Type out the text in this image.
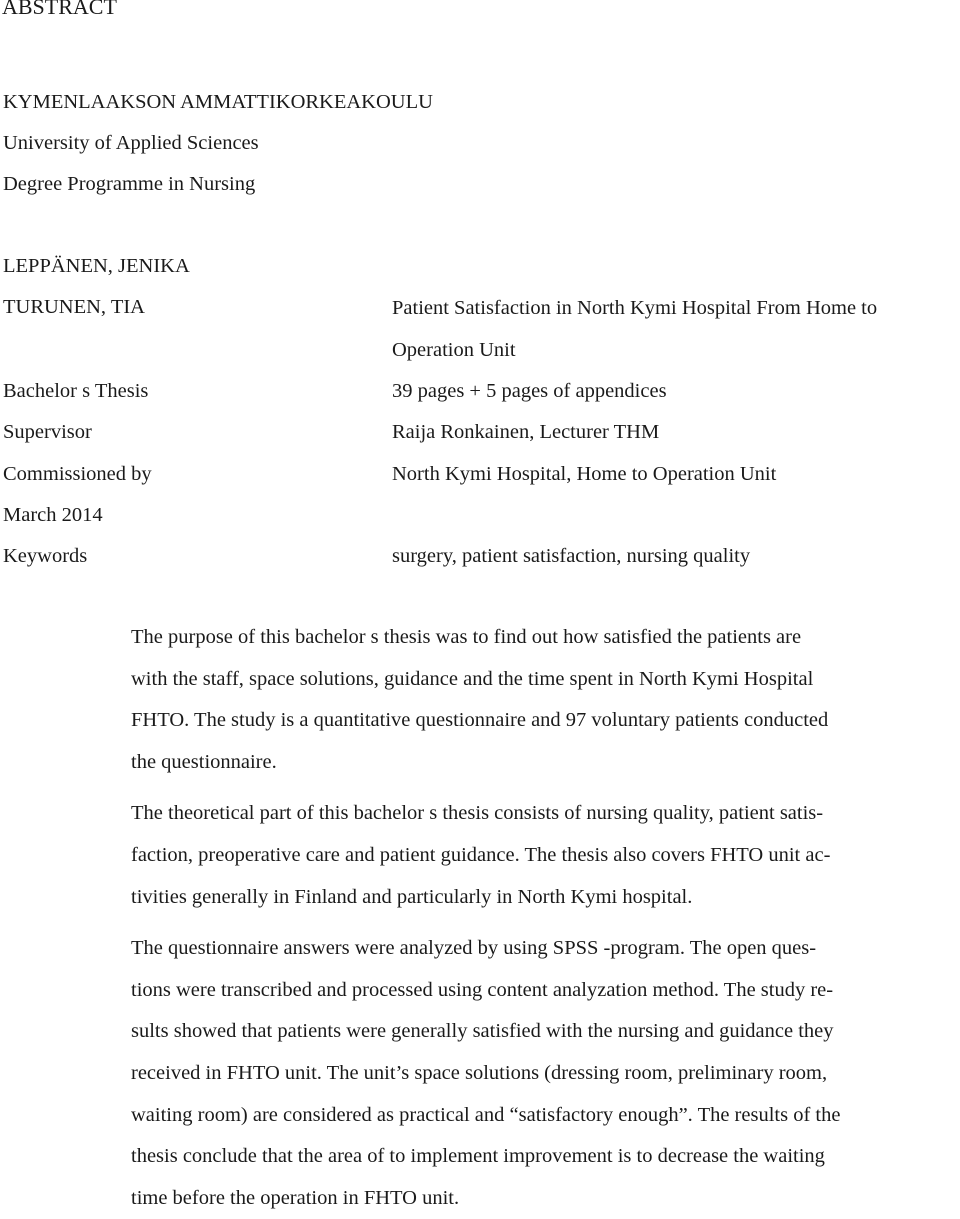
ABSTRACT
KYMENLAAKSON AMMATTIKORKEAKOULU
University of Applied Sciences
Degree Programme in Nursing
LEPPÄNEN, JENIKA
TURUNEN, TIA	Patient Satisfaction in North Kymi Hospital From Home to
Operation Unit
Bachelor s Thesis	39 pages + 5 pages of appendices
Supervisor	Raija Ronkainen, Lecturer THM
Commissioned by	North Kymi Hospital, Home to Operation Unit
March 2014
Keywords	surgery, patient satisfaction, nursing quality

The purpose of this bachelor s thesis was to find out how satisfied the patients are
with the staff, space solutions, guidance and the time spent in North Kymi Hospital
FHTO. The study is a quantitative questionnaire and 97 voluntary patients conducted
the questionnaire.

The theoretical part of this bachelor s thesis consists of nursing quality, patient satis-
faction, preoperative care and patient guidance. The thesis also covers FHTO unit ac-
tivities generally in Finland and particularly in North Kymi hospital.

The questionnaire answers were analyzed by using SPSS -program. The open ques-
tions were transcribed and processed using content analyzation method. The study re-
sults showed that patients were generally satisfied with the nursing and guidance they
received in FHTO unit. The unit’s space solutions (dressing room, preliminary room,
waiting room) are considered as practical and “satisfactory enough”. The results of the
thesis conclude that the area of to implement improvement is to decrease the waiting
time before the operation in FHTO unit.
